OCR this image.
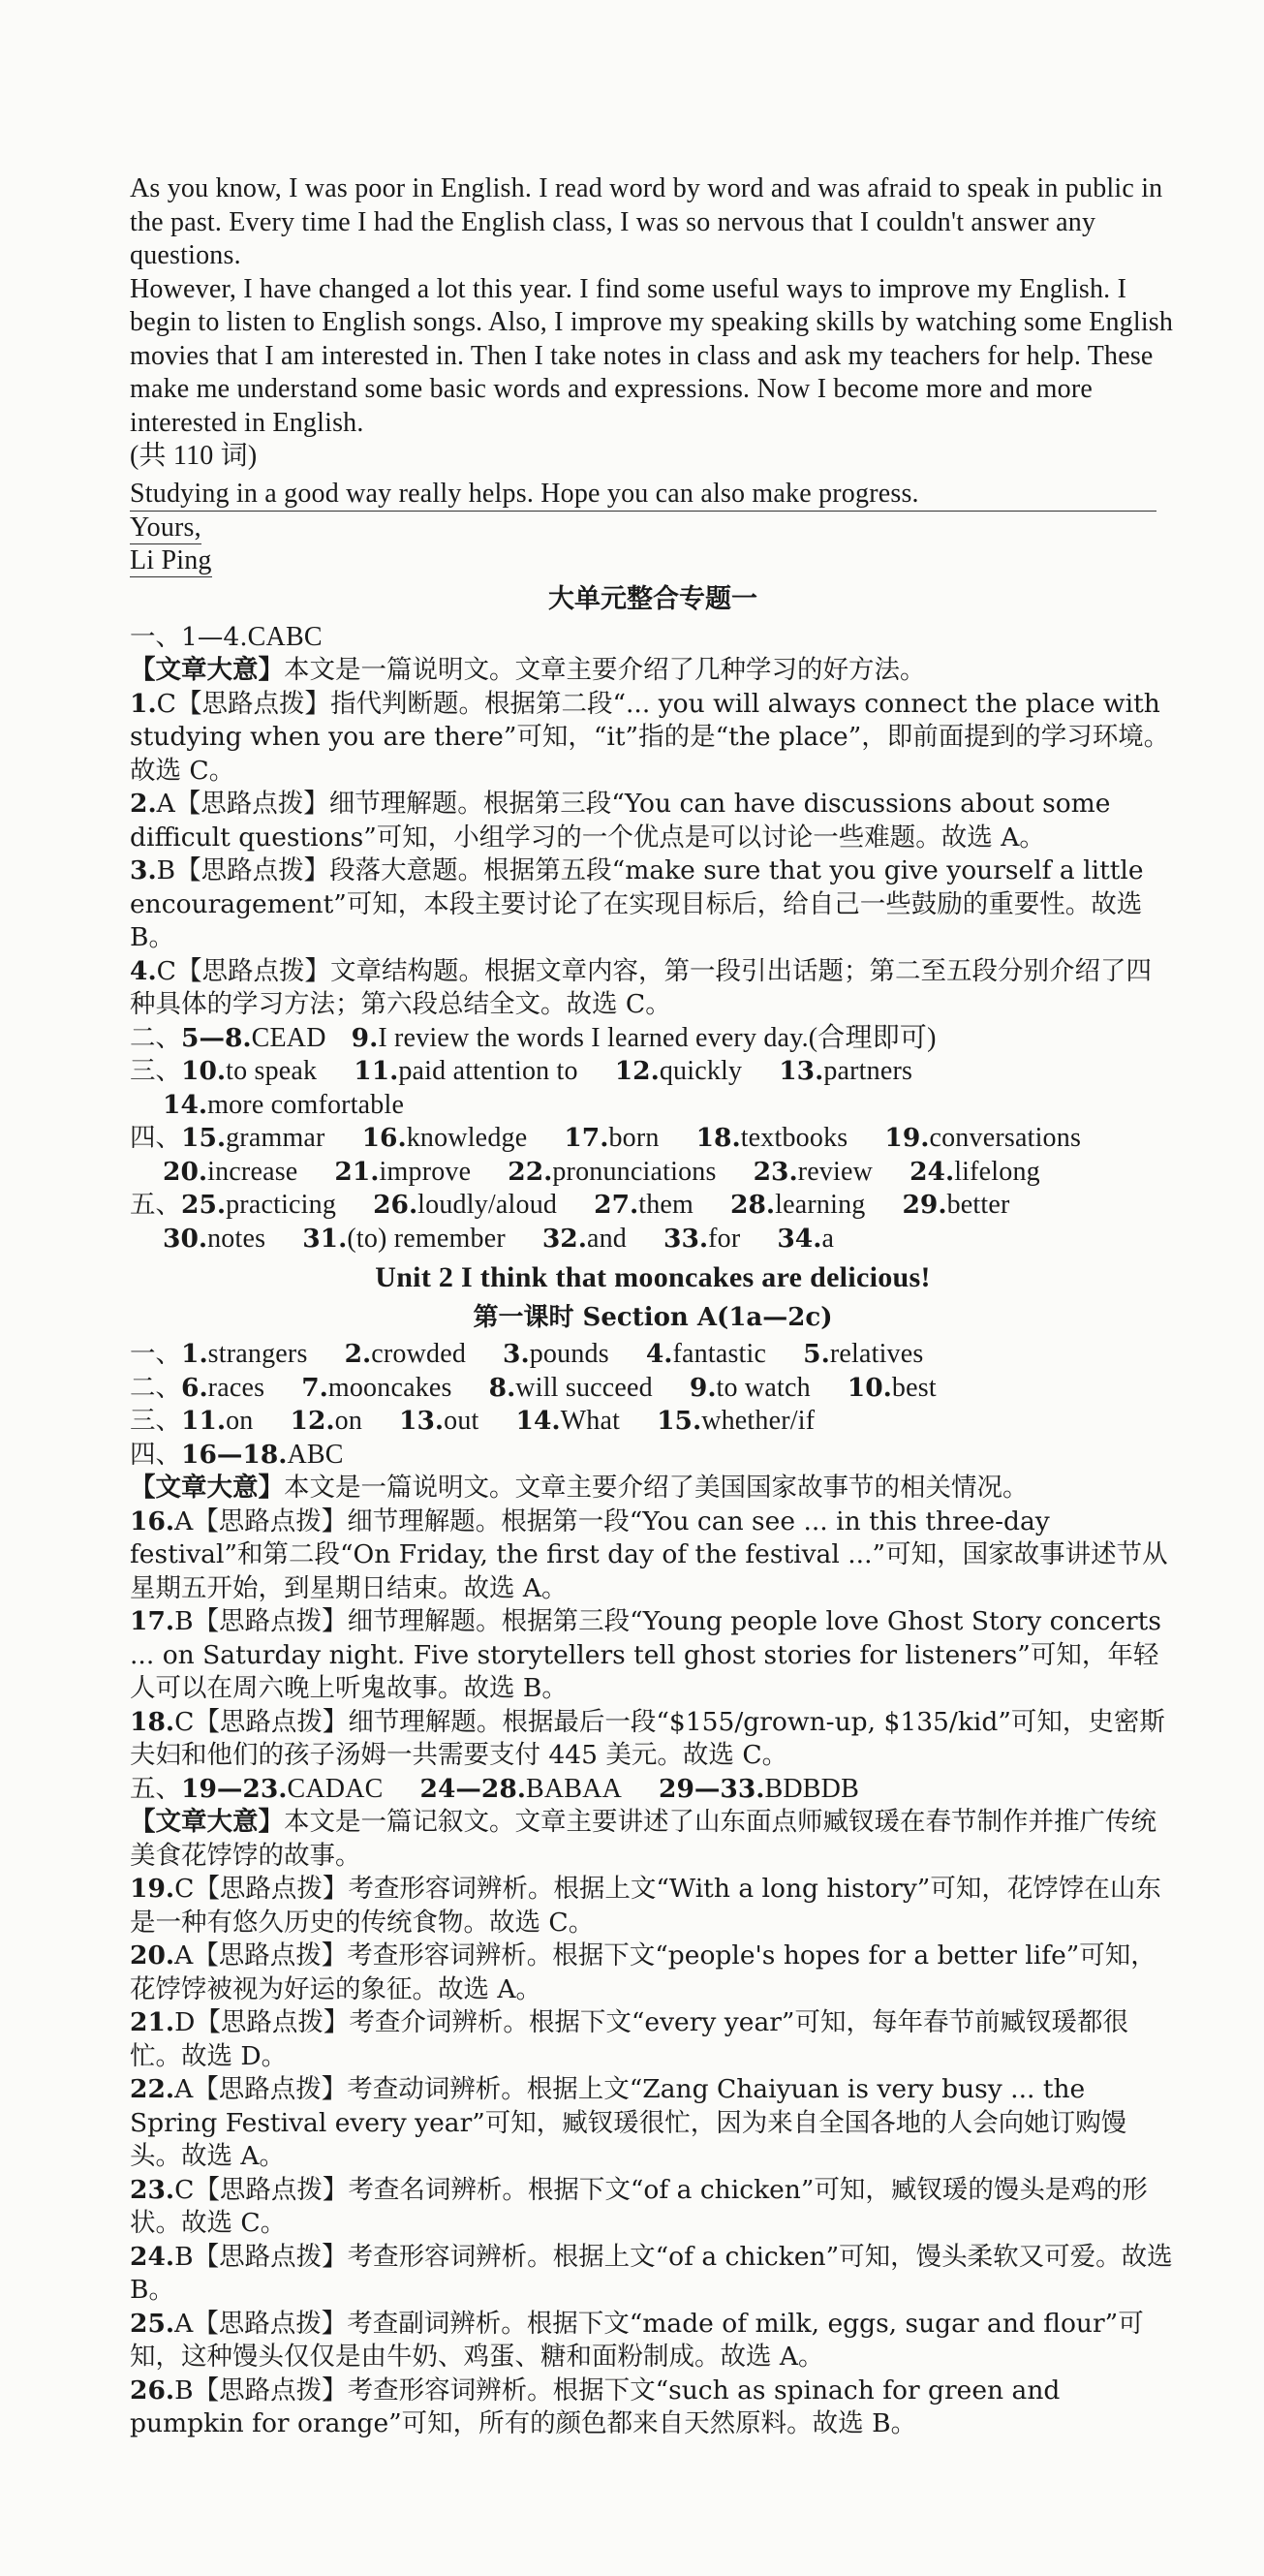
As you know, I was poor in English. I read word by word and was afraid to speak in public in the past. Every time I had the English class, I was so nervous that I couldn't answer any questions.

However, I have changed a lot this year. I find some useful ways to improve my English. I begin to listen to English songs. Also, I improve my speaking skills by watching some English movies that I am interested in. Then I take notes in class and ask my teachers for help. These make me understand some basic words and expressions. Now I become more and more interested in English.

(共 110 词)

Studying in a good way really helps. Hope you can also make progress.

Yours,

Li Ping

大单元整合专题一

一、1—4.CABC

【文章大意】本文是一篇说明文。文章主要介绍了几种学习的好方法。

1.C【思路点拨】指代判断题。根据第二段“... you will always connect the place with studying when you are there”可知，“it”指的是“the place”，即前面提到的学习环境。故选 C。

2.A【思路点拨】细节理解题。根据第三段“You can have discussions about some difficult questions”可知，小组学习的一个优点是可以讨论一些难题。故选 A。

3.B【思路点拨】段落大意题。根据第五段“make sure that you give yourself a little encouragement”可知，本段主要讨论了在实现目标后，给自己一些鼓励的重要性。故选 B。

4.C【思路点拨】文章结构题。根据文章内容，第一段引出话题；第二至五段分别介绍了四种具体的学习方法；第六段总结全文。故选 C。

二、5—8.CEAD 9.I review the words I learned every day.(合理即可)

三、10.to speak 11.paid attention to 12.quickly 13.partners

14.more comfortable

四、15.grammar 16.knowledge 17.born 18.textbooks 19.conversations

20.increase 21.improve 22.pronunciations 23.review 24.lifelong

五、25.practicing 26.loudly/aloud 27.them 28.learning 29.better

30.notes 31.(to) remember 32.and 33.for 34.a

Unit 2 I think that mooncakes are delicious!
第一课时 Section A(1a—2c)

一、1.strangers 2.crowded 3.pounds 4.fantastic 5.relatives

二、6.races 7.mooncakes 8.will succeed 9.to watch 10.best

三、11.on 12.on 13.out 14.What 15.whether/if

四、16—18.ABC

【文章大意】本文是一篇说明文。文章主要介绍了美国国家故事节的相关情况。

16.A【思路点拨】细节理解题。根据第一段“You can see ... in this three-day festival”和第二段“On Friday, the first day of the festival ...”可知，国家故事讲述节从星期五开始，到星期日结束。故选 A。

17.B【思路点拨】细节理解题。根据第三段“Young people love Ghost Story concerts ... on Saturday night. Five storytellers tell ghost stories for listeners”可知，年轻人可以在周六晚上听鬼故事。故选 B。

18.C【思路点拨】细节理解题。根据最后一段“$155/grown-up, $135/kid”可知，史密斯夫妇和他们的孩子汤姆一共需要支付 445 美元。故选 C。

五、19—23.CADAC 24—28.BABAA 29—33.BDBDB

【文章大意】本文是一篇记叙文。文章主要讲述了山东面点师臧钗瑗在春节制作并推广传统美食花饽饽的故事。

19.C【思路点拨】考查形容词辨析。根据上文“With a long history”可知，花饽饽在山东是一种有悠久历史的传统食物。故选 C。

20.A【思路点拨】考查形容词辨析。根据下文“people's hopes for a better life”可知，花饽饽被视为好运的象征。故选 A。

21.D【思路点拨】考查介词辨析。根据下文“every year”可知，每年春节前臧钗瑗都很忙。故选 D。

22.A【思路点拨】考查动词辨析。根据上文“Zang Chaiyuan is very busy ... the Spring Festival every year”可知，臧钗瑗很忙，因为来自全国各地的人会向她订购馒头。故选 A。

23.C【思路点拨】考查名词辨析。根据下文“of a chicken”可知，臧钗瑗的馒头是鸡的形状。故选 C。

24.B【思路点拨】考查形容词辨析。根据上文“of a chicken”可知，馒头柔软又可爱。故选 B。

25.A【思路点拨】考查副词辨析。根据下文“made of milk, eggs, sugar and flour”可知，这种馒头仅仅是由牛奶、鸡蛋、糖和面粉制成。故选 A。

26.B【思路点拨】考查形容词辨析。根据下文“such as spinach for green and pumpkin for orange”可知，所有的颜色都来自天然原料。故选 B。
